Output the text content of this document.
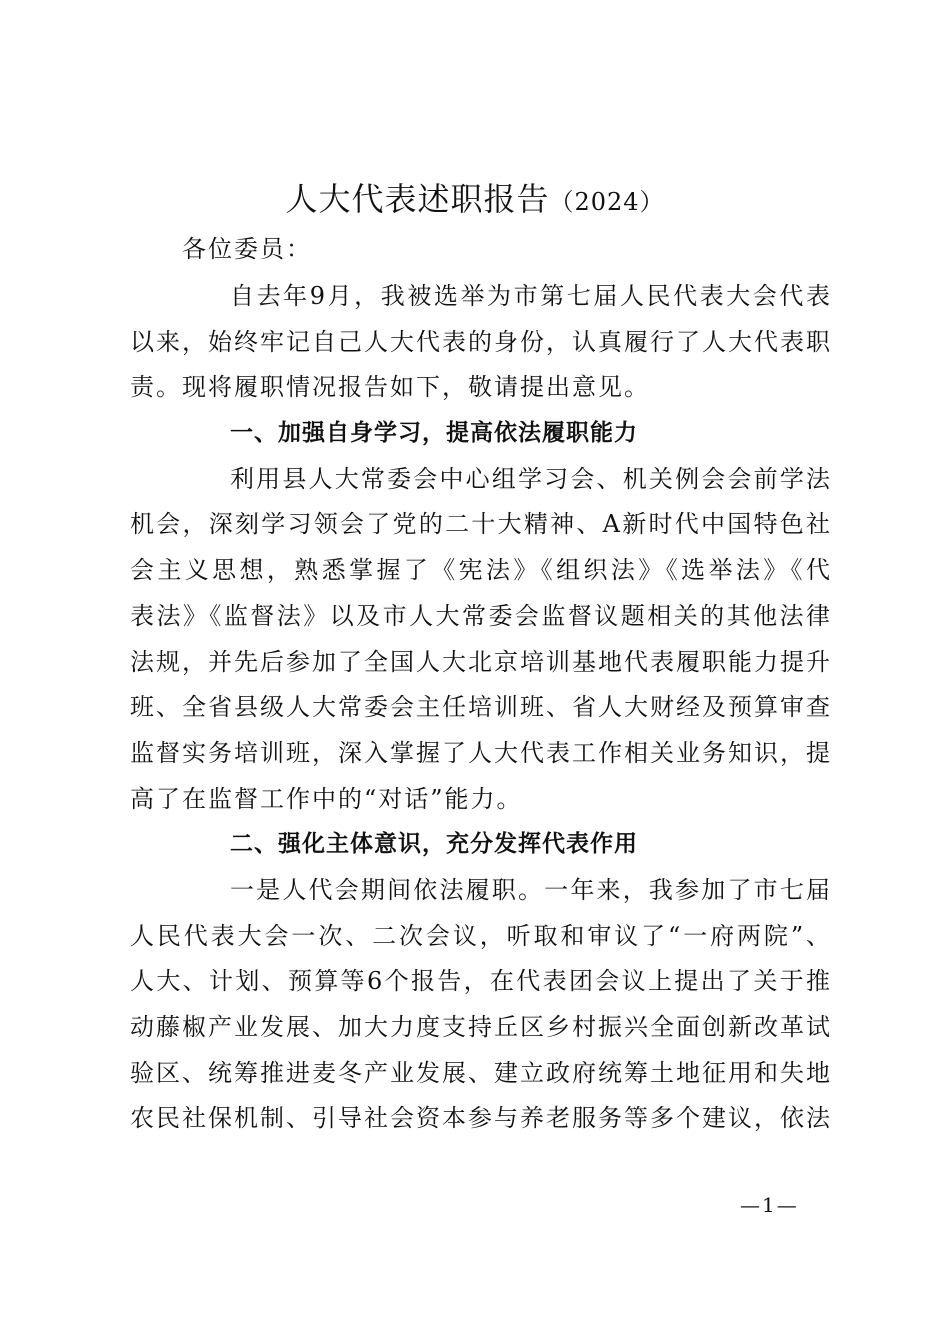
人大代表述职报告（2024）
各位委员：
自去年9月，我被选举为市第七届人民代表大会代表
以来，始终牢记自己人大代表的身份，认真履行了人大代表职
责。现将履职情况报告如下，敬请提出意见。
一、加强自身学习，提高依法履职能力
利用县人大常委会中心组学习会、机关例会会前学法
机会，深刻学习领会了党的二十大精神、A新时代中国特色社
会主义思想，熟悉掌握了《宪法》《组织法》《选举法》《代
表法》《监督法》以及市人大常委会监督议题相关的其他法律
法规，并先后参加了全国人大北京培训基地代表履职能力提升
班、全省县级人大常委会主任培训班、省人大财经及预算审查
监督实务培训班，深入掌握了人大代表工作相关业务知识，提
高了在监督工作中的“对话”能力。
二、强化主体意识，充分发挥代表作用
一是人代会期间依法履职。一年来，我参加了市七届
人民代表大会一次、二次会议，听取和审议了“一府两院”、
人大、计划、预算等6个报告，在代表团会议上提出了关于推
动藤椒产业发展、加大力度支持丘区乡村振兴全面创新改革试
验区、统筹推进麦冬产业发展、建立政府统筹土地征用和失地
农民社保机制、引导社会资本参与养老服务等多个建议，依法
—1—
